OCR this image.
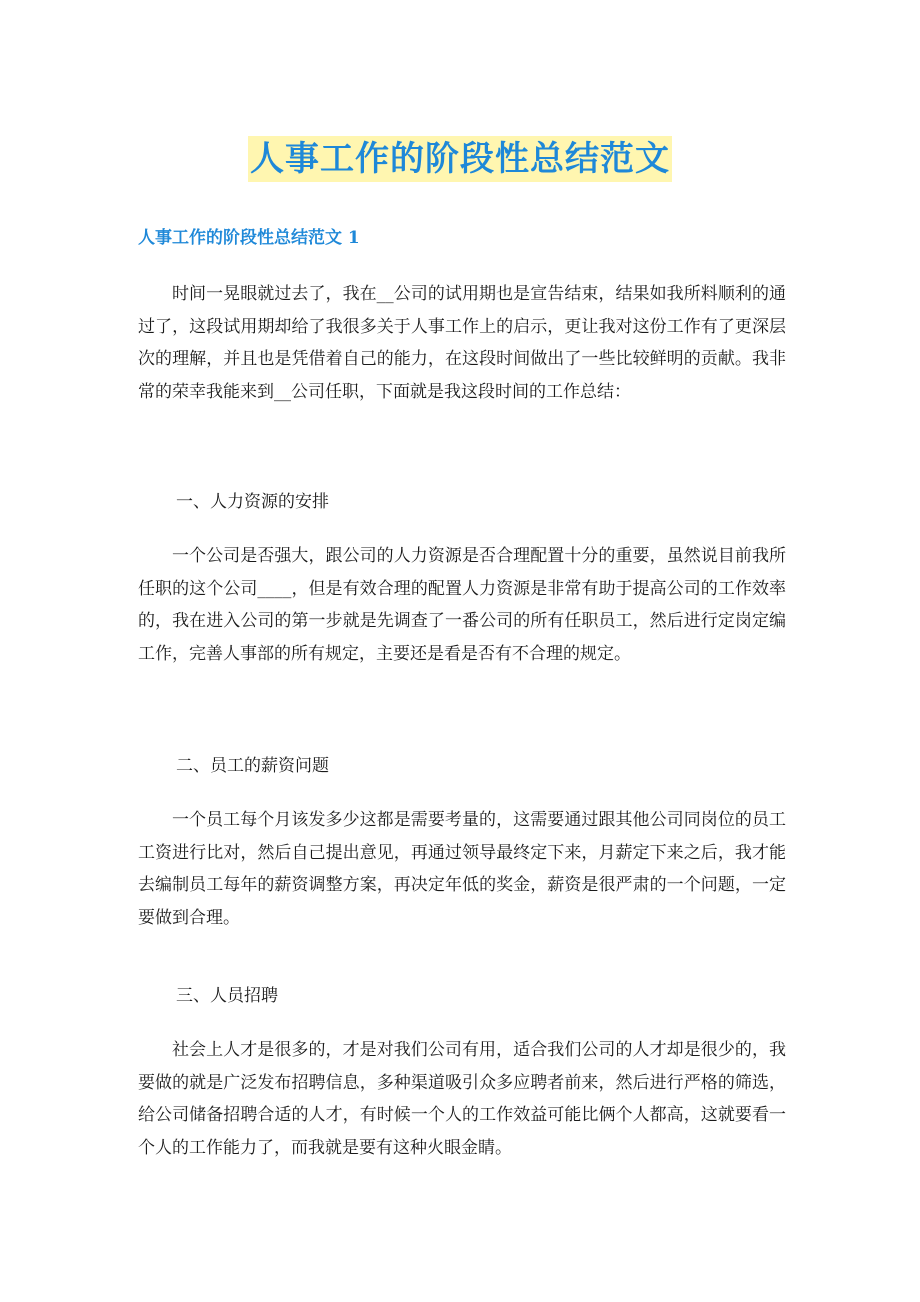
人事工作的阶段性总结范文
人事工作的阶段性总结范文 1

时间一晃眼就过去了，我在__公司的试用期也是宣告结束，结果如我所料顺利的通过了，这段试用期却给了我很多关于人事工作上的启示，更让我对这份工作有了更深层次的理解，并且也是凭借着自己的能力，在这段时间做出了一些比较鲜明的贡献。我非常的荣幸我能来到__公司任职，下面就是我这段时间的工作总结：

一、人力资源的安排

一个公司是否强大，跟公司的人力资源是否合理配置十分的重要，虽然说目前我所任职的这个公司____，但是有效合理的配置人力资源是非常有助于提高公司的工作效率的，我在进入公司的第一步就是先调查了一番公司的所有任职员工，然后进行定岗定编工作，完善人事部的所有规定，主要还是看是否有不合理的规定。

二、员工的薪资问题

一个员工每个月该发多少这都是需要考量的，这需要通过跟其他公司同岗位的员工工资进行比对，然后自己提出意见，再通过领导最终定下来，月薪定下来之后，我才能去编制员工每年的薪资调整方案，再决定年低的奖金，薪资是很严肃的一个问题，一定要做到合理。

三、人员招聘

社会上人才是很多的，才是对我们公司有用，适合我们公司的人才却是很少的，我要做的就是广泛发布招聘信息，多种渠道吸引众多应聘者前来，然后进行严格的筛选，给公司储备招聘合适的人才，有时候一个人的工作效益可能比俩个人都高，这就要看一个人的工作能力了，而我就是要有这种火眼金睛。
